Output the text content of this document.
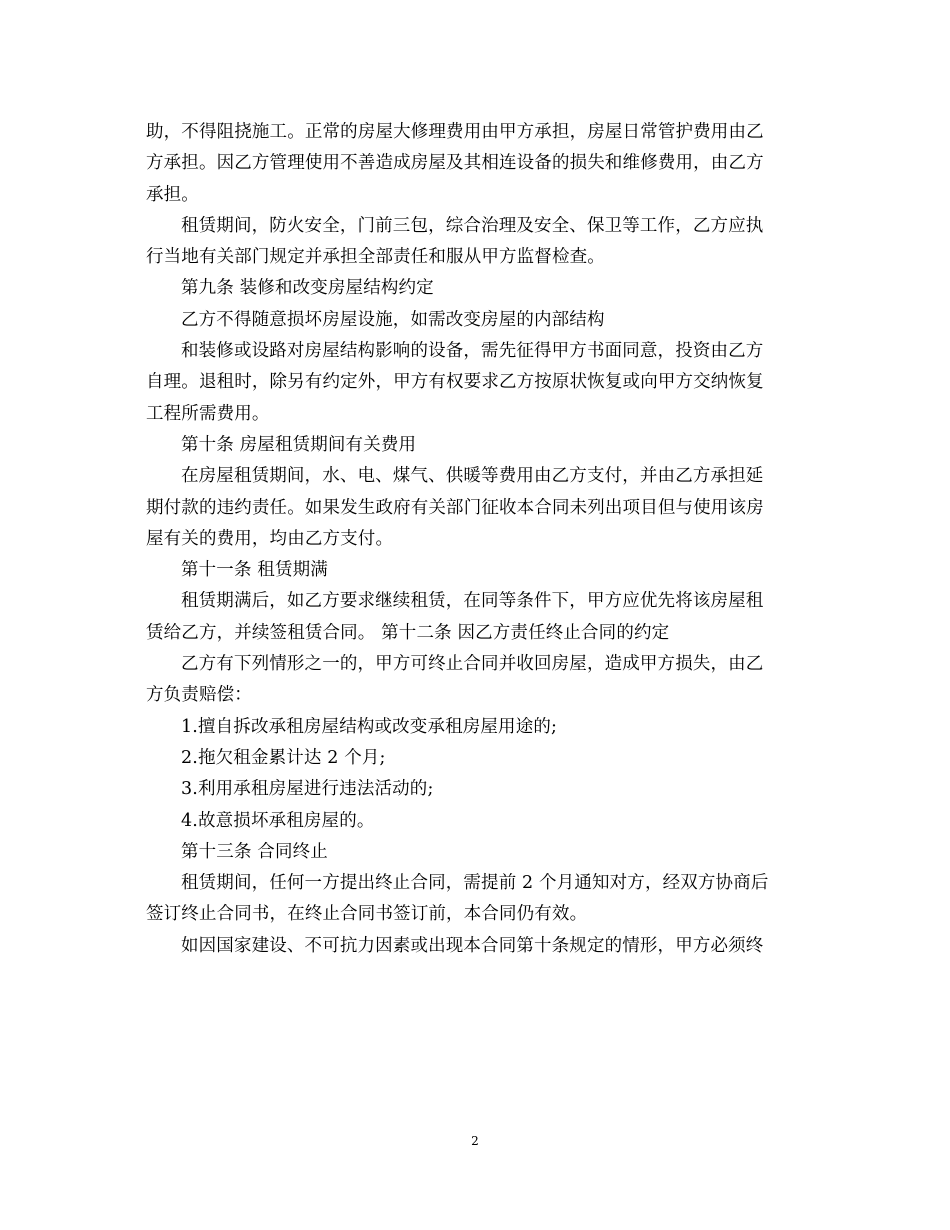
助，不得阻挠施工。正常的房屋大修理费用由甲方承担，房屋日常管护费用由乙
方承担。因乙方管理使用不善造成房屋及其相连设备的损失和维修费用，由乙方
承担。
租赁期间，防火安全，门前三包，综合治理及安全、保卫等工作，乙方应执
行当地有关部门规定并承担全部责任和服从甲方监督检查。
第九条 装修和改变房屋结构约定
乙方不得随意损坏房屋设施，如需改变房屋的内部结构
和装修或设路对房屋结构影响的设备，需先征得甲方书面同意，投资由乙方
自理。退租时，除另有约定外，甲方有权要求乙方按原状恢复或向甲方交纳恢复
工程所需费用。
第十条 房屋租赁期间有关费用
在房屋租赁期间，水、电、煤气、供暖等费用由乙方支付，并由乙方承担延
期付款的违约责任。如果发生政府有关部门征收本合同未列出项目但与使用该房
屋有关的费用，均由乙方支付。
第十一条 租赁期满
租赁期满后，如乙方要求继续租赁，在同等条件下，甲方应优先将该房屋租
赁给乙方，并续签租赁合同。 第十二条 因乙方责任终止合同的约定
乙方有下列情形之一的，甲方可终止合同并收回房屋，造成甲方损失，由乙
方负责赔偿：
1.擅自拆改承租房屋结构或改变承租房屋用途的;
2.拖欠租金累计达 2 个月;
3.利用承租房屋进行违法活动的;
4.故意损坏承租房屋的。
第十三条 合同终止
租赁期间，任何一方提出终止合同，需提前 2 个月通知对方，经双方协商后
签订终止合同书，在终止合同书签订前，本合同仍有效。
如因国家建设、不可抗力因素或出现本合同第十条规定的情形，甲方必须终
2
